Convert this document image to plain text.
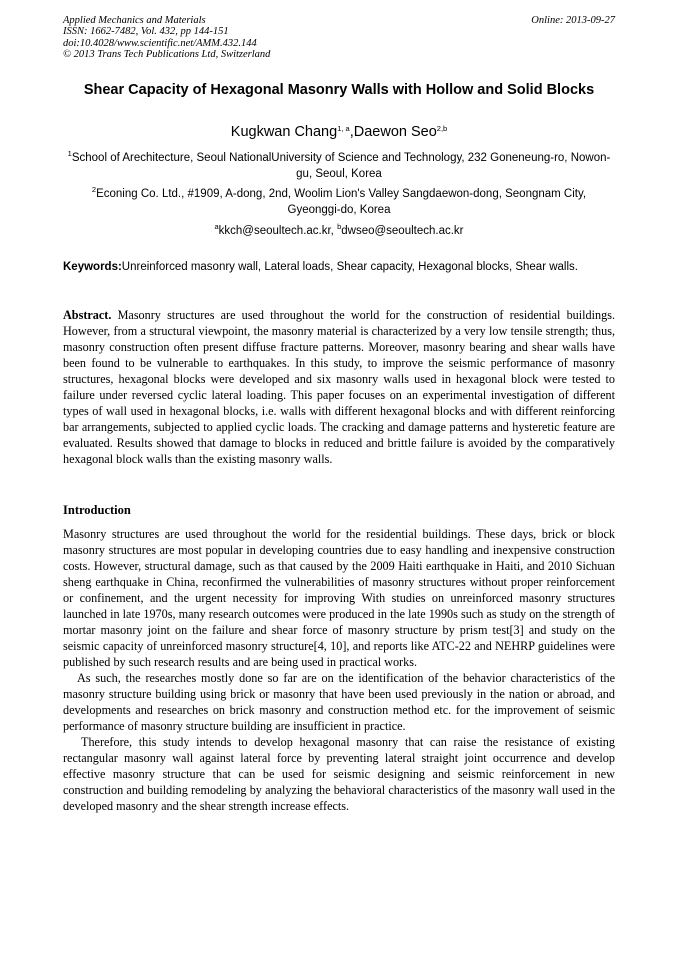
Applied Mechanics and Materials
ISSN: 1662-7482, Vol. 432, pp 144-151
doi:10.4028/www.scientific.net/AMM.432.144
© 2013 Trans Tech Publications Ltd, Switzerland
Online: 2013-09-27
Shear Capacity of Hexagonal Masonry Walls with Hollow and Solid Blocks
Kugkwan Chang$^{1, a}$,Daewon Seo$^{2,b}$
$^1$School of Arechitecture, Seoul NationalUniversity of Science and Technology, 232 Goneneung-ro, Nowon-gu, Seoul, Korea
$^2$Econing Co. Ltd., #1909, A-dong, 2nd, Woolim Lion's Valley Sangdaewon-dong, Seongnam City, Gyeonggi-do, Korea
$^a$kkch@seoultech.ac.kr, $^b$dwseo@seoultech.ac.kr
Keywords:Unreinforced masonry wall, Lateral loads, Shear capacity, Hexagonal blocks, Shear walls.
Abstract. Masonry structures are used throughout the world for the construction of residential buildings. However, from a structural viewpoint, the masonry material is characterized by a very low tensile strength; thus, masonry construction often present diffuse fracture patterns. Moreover, masonry bearing and shear walls have been found to be vulnerable to earthquakes. In this study, to improve the seismic performance of masonry structures, hexagonal blocks were developed and six masonry walls used in hexagonal block were tested to failure under reversed cyclic lateral loading. This paper focuses on an experimental investigation of different types of wall used in hexagonal blocks, i.e. walls with different hexagonal blocks and with different reinforcing bar arrangements, subjected to applied cyclic loads. The cracking and damage patterns and hysteretic feature are evaluated. Results showed that damage to blocks in reduced and brittle failure is avoided by the comparatively hexagonal block walls than the existing masonry walls.
Introduction

Masonry structures are used throughout the world for the residential buildings. These days, brick or block masonry structures are most popular in developing countries due to easy handling and inexpensive construction costs. However, structural damage, such as that caused by the 2009 Haiti earthquake in Haiti, and 2010 Sichuan sheng earthquake in China, reconfirmed the vulnerabilities of masonry structures without proper reinforcement or confinement, and the urgent necessity for improving With studies on unreinforced masonry structures launched in late 1970s, many research outcomes were produced in the late 1990s such as study on the strength of mortar masonry joint on the failure and shear force of masonry structure by prism test[3] and study on the seismic capacity of unreinforced masonry structure[4, 10], and reports like ATC-22 and NEHRP guidelines were published by such research results and are being used in practical works.

As such, the researches mostly done so far are on the identification of the behavior characteristics of the masonry structure building using brick or masonry that have been used previously in the nation or abroad, and developments and researches on brick masonry and construction method etc. for the improvement of seismic performance of masonry structure building are insufficient in practice.

Therefore, this study intends to develop hexagonal masonry that can raise the resistance of existing rectangular masonry wall against lateral force by preventing lateral straight joint occurrence and develop effective masonry structure that can be used for seismic designing and seismic reinforcement in new construction and building remodeling by analyzing the behavioral characteristics of the masonry wall used in the developed masonry and the shear strength increase effects.
